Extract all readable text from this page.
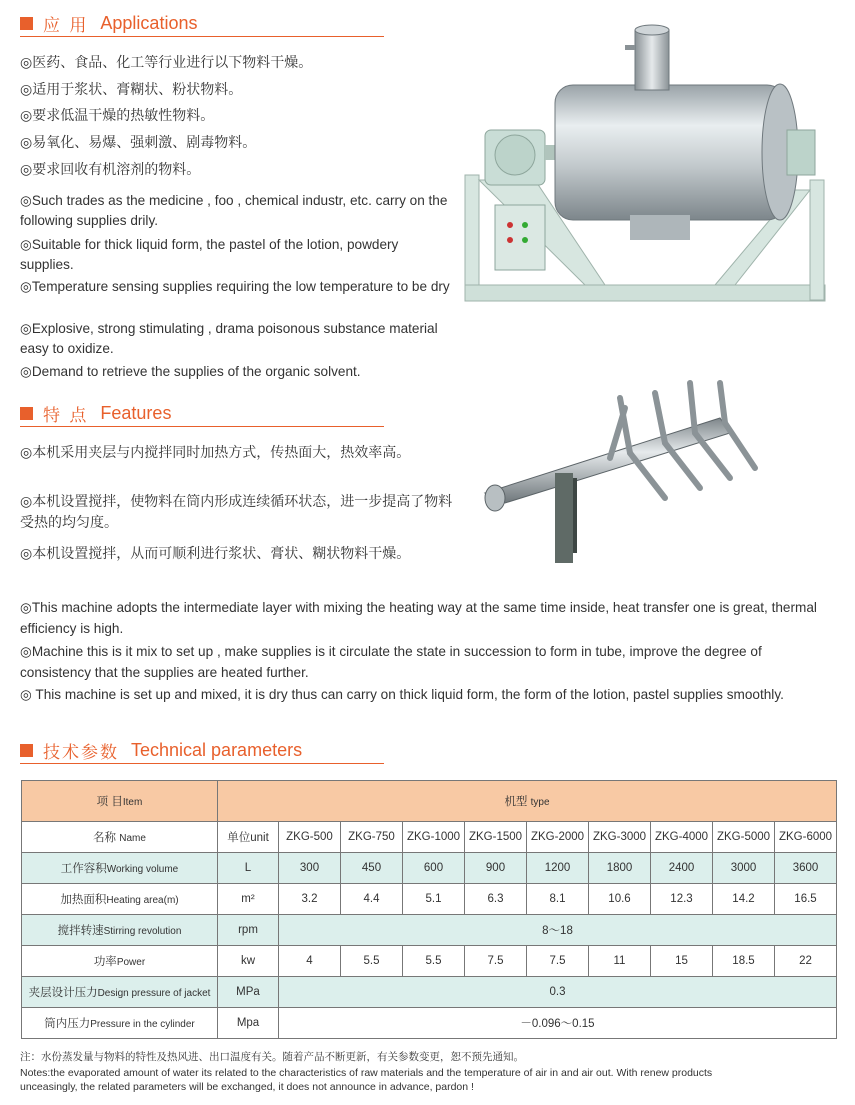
应 用 Applications

◎医药、食品、化工等行业进行以下物料干燥。

◎适用于浆状、膏糊状、粉状物料。

◎要求低温干燥的热敏性物料。

◎易氧化、易爆、强刺激、剧毒物料。

◎要求回收有机溶剂的物料。

◎Such trades as the medicine , foo , chemical industr, etc. carry on the following supplies drily.

◎Suitable for thick liquid form, the pastel of the lotion, powdery supplies.

◎Temperature sensing supplies requiring the low temperature to be dry

◎Explosive, strong stimulating , drama poisonous substance material easy to oxidize.

◎Demand to retrieve the supplies of the organic solvent.

特 点 Features

◎本机采用夹层与内搅拌同时加热方式，传热面大，热效率高。

◎本机设置搅拌，使物料在筒内形成连续循环状态，进一步提高了物料受热的均匀度。

◎本机设置搅拌，从而可顺利进行浆状、膏状、糊状物料干燥。

◎This machine adopts the intermediate layer with mixing the heating way at the same time inside, heat transfer one is great, thermal efficiency is high.

◎Machine this is it mix to set up , make supplies is it circulate the state in succession to form in tube, improve the degree of consistency that the supplies are heated further.

◎ This machine is set up and mixed, it is dry thus can carry on thick liquid form, the form of the lotion, pastel supplies smoothly.

技术参数 Technical parameters
项 目Item	机型 type									
名称 Name	单位unit	ZKG-500	ZKG-750	ZKG-1000	ZKG-1500	ZKG-2000	ZKG-3000	ZKG-4000	ZKG-5000	ZKG-6000
工作容积Working volume	L	300	450	600	900	1200	1800	2400	3000	3600
加热面积Heating area(m)	m²	3.2	4.4	5.1	6.3	8.1	10.6	12.3	14.2	16.5
搅拌转速Stirring revolution	rpm	8～18								
功率Power	kw	4	5.5	5.5	7.5	7.5	11	15	18.5	22
夹层设计压力Design pressure of jacket	MPa	0.3								
筒内压力Pressure in the cylinder	Mpa	－0.096～0.15								
注：水份蒸发量与物料的特性及热风进、出口温度有关。随着产品不断更新，有关参数变更，恕不预先通知。
Notes:the evaporated amount of water its related to the characteristics of raw materials and the temperature of air in and air out. With renew products
unceasingly, the related parameters will be exchanged, it does not announce in advance, pardon !
